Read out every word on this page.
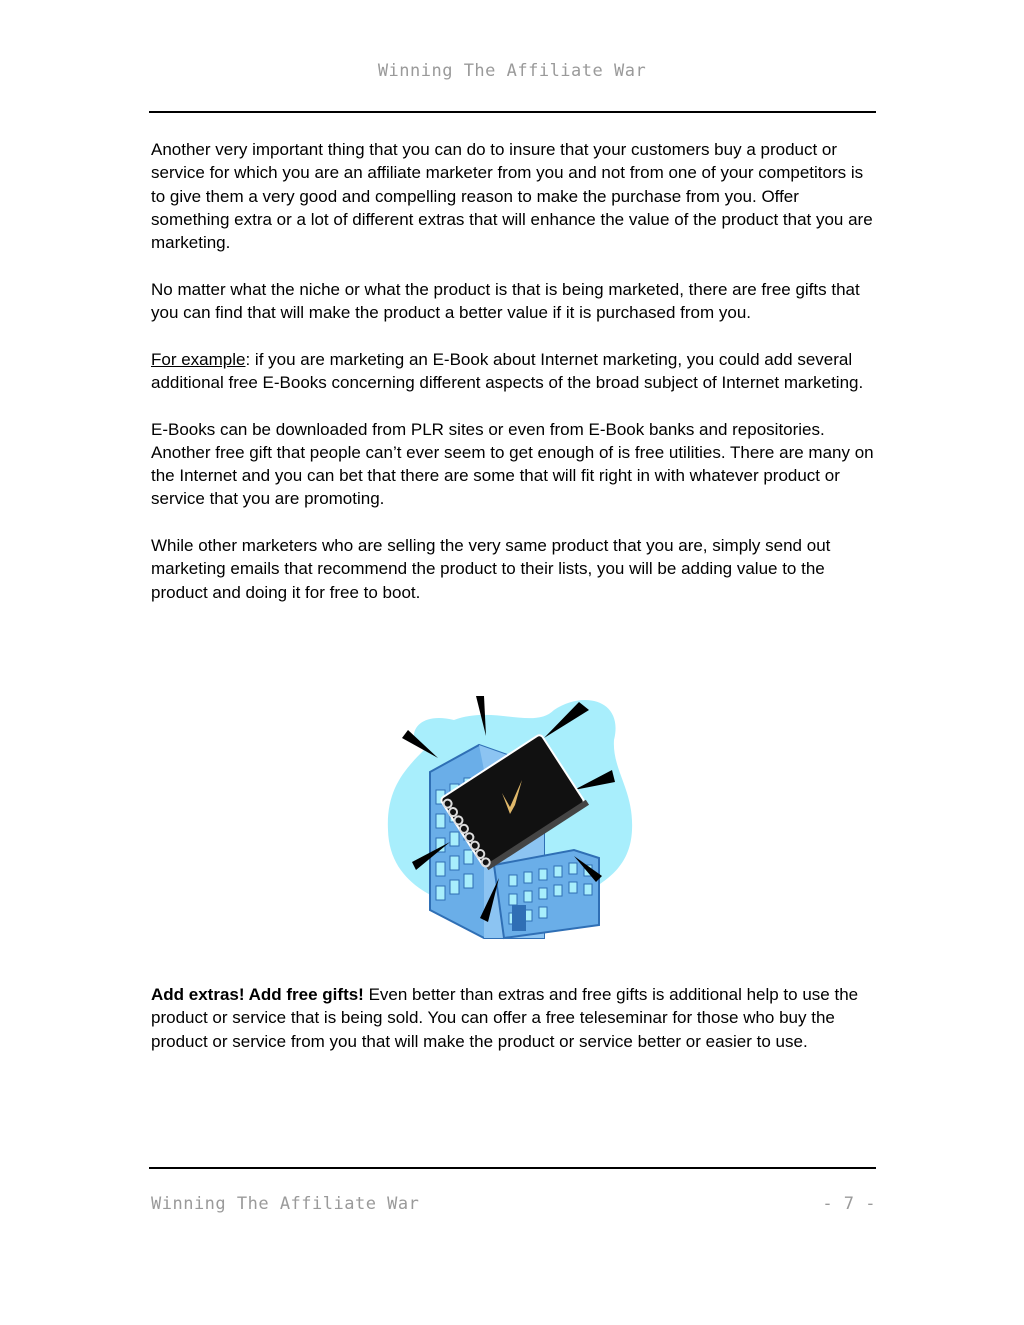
Winning The Affiliate War

Another very important thing that you can do to insure that your customers buy a product or service for which you are an affiliate marketer from you and not from one of your competitors is to give them a very good and compelling reason to make the purchase from you. Offer something extra or a lot of different extras that will enhance the value of the product that you are marketing.

No matter what the niche or what the product is that is being marketed, there are free gifts that you can find that will make the product a better value if it is purchased from you.

For example: if you are marketing an E-Book about Internet marketing, you could add several additional free E-Books concerning different aspects of the broad subject of Internet marketing.

E-Books can be downloaded from PLR sites or even from E-Book banks and repositories. Another free gift that people can’t ever seem to get enough of is free utilities. There are many on the Internet and you can bet that there are some that will fit right in with whatever product or service that you are promoting.

While other marketers who are selling the very same product that you are, simply send out marketing emails that recommend the product to their lists, you will be adding value to the product and doing it for free to boot.

Add extras! Add free gifts! Even better than extras and free gifts is additional help to use the product or service that is being sold. You can offer a free teleseminar for those who buy the product or service from you that will make the product or service better or easier to use.

Winning The Affiliate War	- 7 -
